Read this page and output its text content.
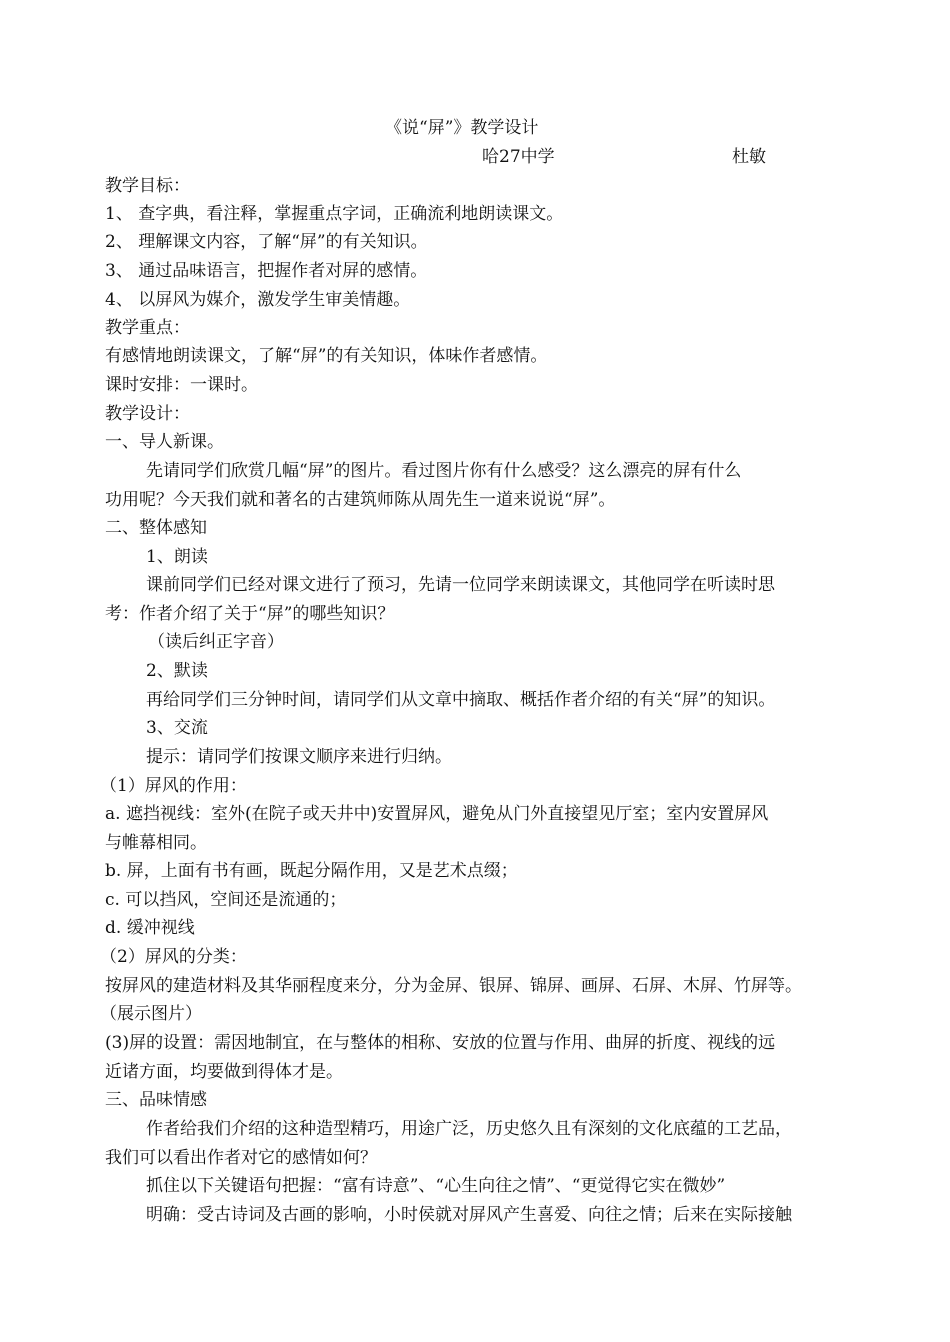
《说“屏”》教学设计
哈27中学	杜敏
教学目标：
1、 查字典，看注释，掌握重点字词，正确流利地朗读课文。
2、 理解课文内容，了解“屏”的有关知识。
3、 通过品味语言，把握作者对屏的感情。
4、 以屏风为媒介，激发学生审美情趣。
教学重点：
有感情地朗读课文，了解“屏”的有关知识，体味作者感情。
课时安排：一课时。
教学设计：
一、导人新课。
先请同学们欣赏几幅“屏”的图片。看过图片你有什么感受？这么漂亮的屏有什么
功用呢？今天我们就和著名的古建筑师陈从周先生一道来说说“屏”。
二、整体感知
1、朗读
课前同学们已经对课文进行了预习，先请一位同学来朗读课文，其他同学在听读时思
考：作者介绍了关于“屏”的哪些知识？
（读后纠正字音）
2、默读
再给同学们三分钟时间，请同学们从文章中摘取、概括作者介绍的有关“屏”的知识。
3、交流
提示：请同学们按课文顺序来进行归纳。
（1）屏风的作用：
a. 遮挡视线：室外(在院子或天井中)安置屏风，避免从门外直接望见厅室；室内安置屏风
与帷幕相同。
b. 屏，上面有书有画，既起分隔作用，又是艺术点缀；
c. 可以挡风，空间还是流通的；
d. 缓冲视线
（2）屏风的分类：
按屏风的建造材料及其华丽程度来分，分为金屏、银屏、锦屏、画屏、石屏、木屏、竹屏等。
（展示图片）
(3)屏的设置：需因地制宜，在与整体的相称、安放的位置与作用、曲屏的折度、视线的远
近诸方面，均要做到得体才是。
三、品味情感
作者给我们介绍的这种造型精巧，用途广泛，历史悠久且有深刻的文化底蕴的工艺品，
我们可以看出作者对它的感情如何？
抓住以下关键语句把握：“富有诗意”、“心生向往之情”、“更觉得它实在微妙”
明确：受古诗词及古画的影响，小时侯就对屏风产生喜爱、向往之情；后来在实际接触
